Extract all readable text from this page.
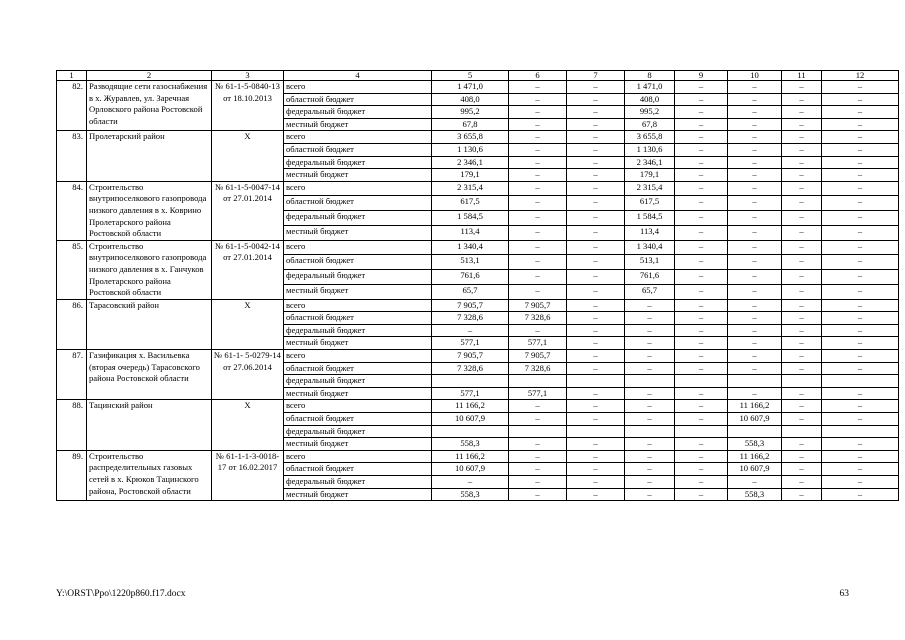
1	2	3	4	5	6	7	8	9	10	11	12
82.	Разводящие сети газоснабжения в х. Журавлев, ул. Заречная Орловского района Ростовской области	№ 61-1-5-0840-13 от 18.10.2013	всего	1 471,0	–	–	1 471,0	–	–	–	–
			областной бюджет	408,0	–	–	408,0	–	–	–	–
			федеральный бюджет	995,2	–	–	995,2	–	–	–	–
			местный бюджет	67,8	–	–	67,8	–	–	–	–
83.	Пролетарский район	Х	всего	3 655,8	–	–	3 655,8	–	–	–	–
			областной бюджет	1 130,6	–	–	1 130,6	–	–	–	–
			федеральный бюджет	2 346,1	–	–	2 346,1	–	–	–	–
			местный бюджет	179,1	–	–	179,1	–	–	–	–
84.	Строительство внутрипоселкового газопровода низкого давления в х. Коврино Пролетарского района Ростовской области	№ 61-1-5-0047-14 от 27.01.2014	всего	2 315,4	–	–	2 315,4	–	–	–	–
			областной бюджет	617,5	–	–	617,5	–	–	–	–
			федеральный бюджет	1 584,5	–	–	1 584,5	–	–	–	–
			местный бюджет	113,4	–	–	113,4	–	–	–	–
85.	Строительство внутрипоселкового газопровода низкого давления в х. Ганчуков Пролетарского района Ростовской области	№ 61-1-5-0042-14 от 27.01.2014	всего	1 340,4	–	–	1 340,4	–	–	–	–
			областной бюджет	513,1	–	–	513,1	–	–	–	–
			федеральный бюджет	761,6	–	–	761,6	–	–	–	–
			местный бюджет	65,7	–	–	65,7	–	–	–	–
86.	Тарасовский район	Х	всего	7 905,7	7 905,7	–	–	–	–	–	–
			областной бюджет	7 328,6	7 328,6	–	–	–	–	–	–
			федеральный бюджет	–	–	–	–	–	–	–	–
			местный бюджет	577,1	577,1	–	–	–	–	–	–
87.	Газификация х. Васильевка (вторая очередь) Тарасовского района Ростовской области	№ 61-1- 5-0279-14 от 27.06.2014	всего	7 905,7	7 905,7	–	–	–	–	–	–
			областной бюджет	7 328,6	7 328,6	–	–	–	–	–	–
			федеральный бюджет								
			местный бюджет	577,1	577,1	–	–	–	–	–	–
88.	Тацинский район	Х	всего	11 166,2	–	–	–	–	11 166,2	–	–
			областной бюджет	10 607,9	–	–	–	–	10 607,9	–	–
			федеральный бюджет								
			местный бюджет	558,3	–	–	–	–	558,3	–	–
89.	Строительство распределительных газовых сетей в х. Крюков Тацинского района, Ростовской области	№ 61-1-1-3-0018-17 от 16.02.2017	всего	11 166,2	–	–	–	–	11 166,2	–	–
			областной бюджет	10 607,9	–	–	–	–	10 607,9	–	–
			федеральный бюджет	–	–	–	–	–	–	–	–
			местный бюджет	558,3	–	–	–	–	558,3	–	–
Y:\ORST\Ppo\1220p860.f17.docx	63
